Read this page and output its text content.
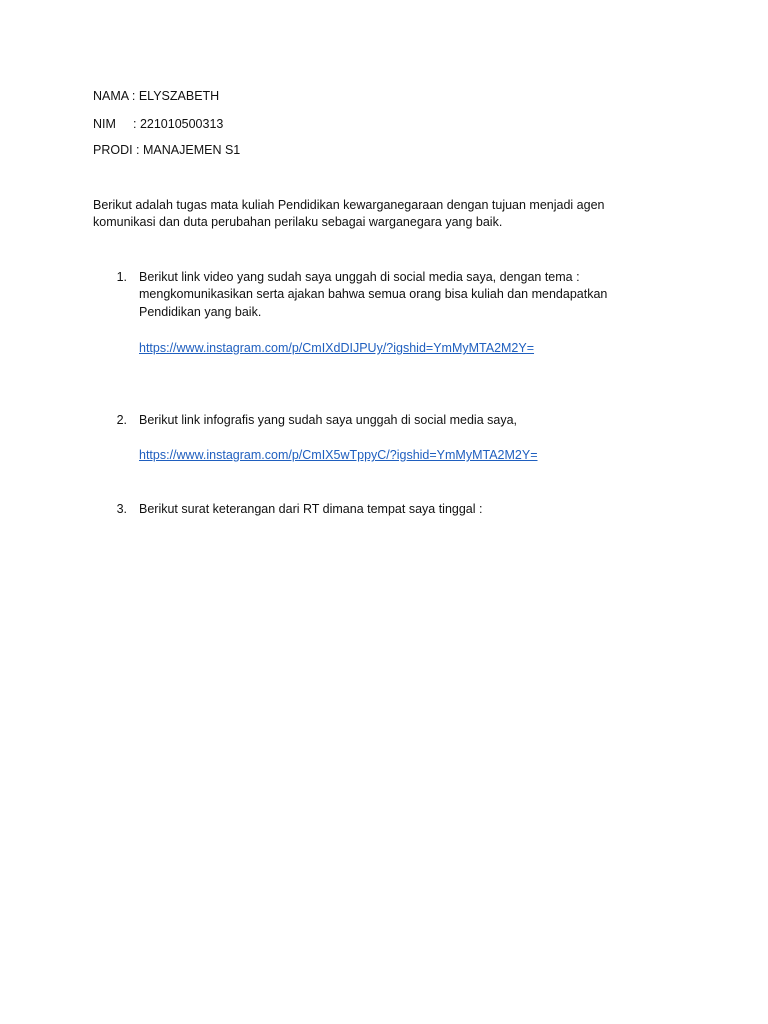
NAMA : ELYSZABETH
NIM : 221010500313
PRODI : MANAJEMEN S1
Berikut adalah tugas mata kuliah Pendidikan kewarganegaraan dengan tujuan menjadi agen
komunikasi dan duta perubahan perilaku sebagai warganegara yang baik.
1. Berikut link video yang sudah saya unggah di social media saya, dengan tema :
mengkomunikasikan serta ajakan bahwa semua orang bisa kuliah dan mendapatkan
Pendidikan yang baik.
https://www.instagram.com/p/CmIXdDIJPUy/?igshid=YmMyMTA2M2Y=
2. Berikut link infografis yang sudah saya unggah di social media saya,
https://www.instagram.com/p/CmIX5wTppyC/?igshid=YmMyMTA2M2Y=
3. Berikut surat keterangan dari RT dimana tempat saya tinggal :
